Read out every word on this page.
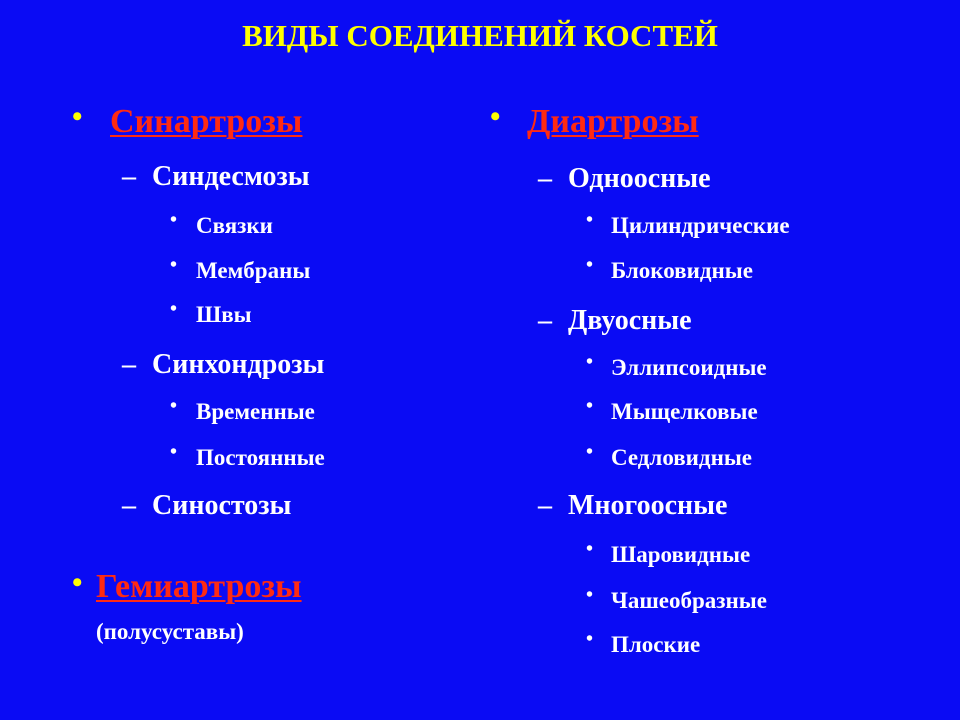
ВИДЫ СОЕДИНЕНИЙ КОСТЕЙ
• Синартрозы
– Синдесмозы
• Связки
• Мембраны
• Швы
– Синхондрозы
• Временные
• Постоянные
– Синостозы
• Гемиартрозы
(полусуставы)
• Диартрозы
– Одноосные
• Цилиндрические
• Блоковидные
– Двуосные
• Эллипсоидные
• Мыщелковые
• Седловидные
– Многоосные
• Шаровидные
• Чашеобразные
• Плоские
